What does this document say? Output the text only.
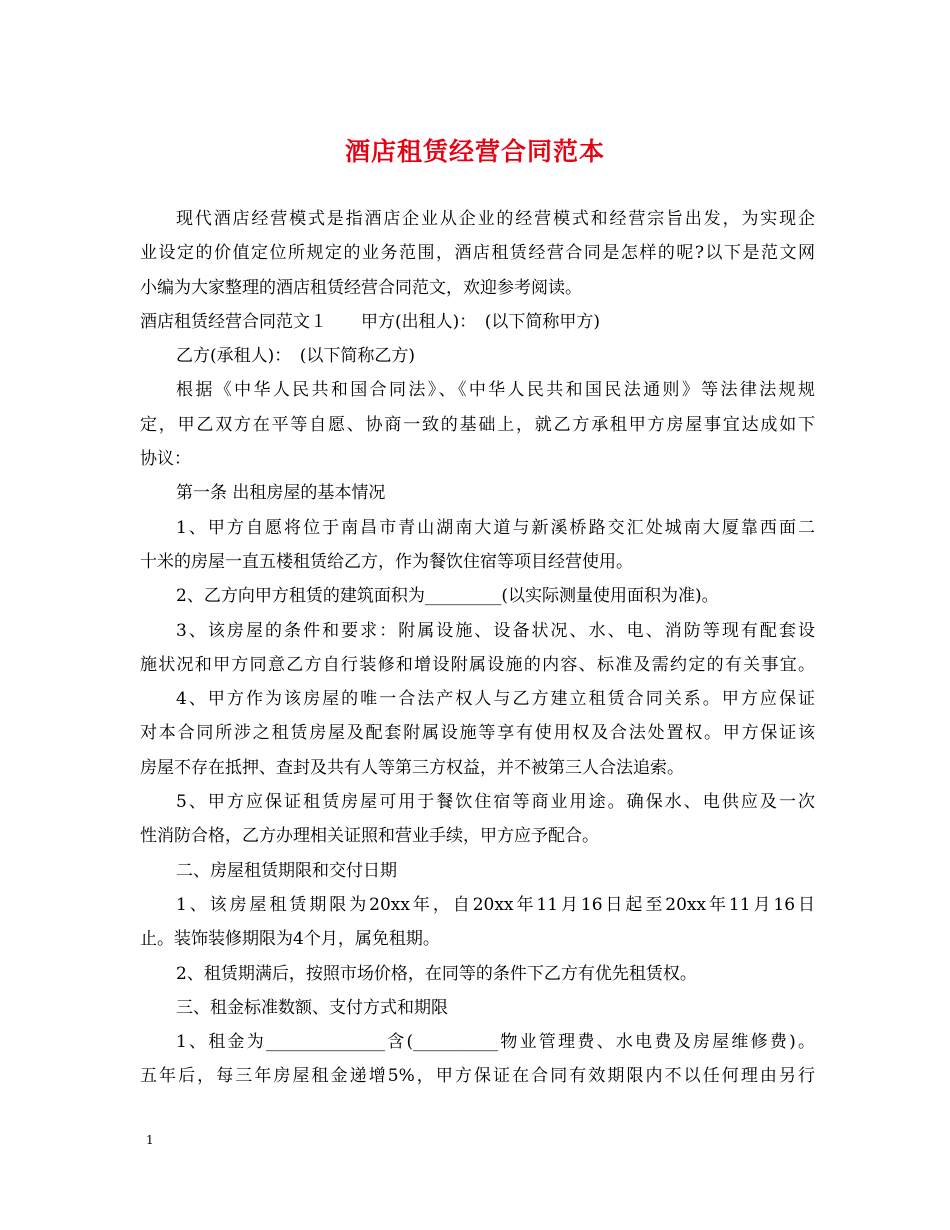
酒店租赁经营合同范本

现代酒店经营模式是指酒店企业从企业的经营模式和经营宗旨出发，为实现企

业设定的价值定位所规定的业务范围，酒店租赁经营合同是怎样的呢?以下是范文网

小编为大家整理的酒店租赁经营合同范文，欢迎参考阅读。

酒店租赁经营合同范文１　　甲方(出租人)：　(以下简称甲方)

乙方(承租人)：　(以下简称乙方)

根据《中华人民共和国合同法》、《中华人民共和国民法通则》等法律法规规

定，甲乙双方在平等自愿、协商一致的基础上，就乙方承租甲方房屋事宜达成如下

协议：

第一条 出租房屋的基本情况

1、甲方自愿将位于南昌市青山湖南大道与新溪桥路交汇处城南大厦靠西面二

十米的房屋一直五楼租赁给乙方，作为餐饮住宿等项目经营使用。

2、乙方向甲方租赁的建筑面积为_________(以实际测量使用面积为准)。

3、该房屋的条件和要求：附属设施、设备状况、水、电、消防等现有配套设

施状况和甲方同意乙方自行装修和增设附属设施的内容、标准及需约定的有关事宜。

4、甲方作为该房屋的唯一合法产权人与乙方建立租赁合同关系。甲方应保证

对本合同所涉之租赁房屋及配套附属设施等享有使用权及合法处置权。甲方保证该

房屋不存在抵押、查封及共有人等第三方权益，并不被第三人合法追索。

5、甲方应保证租赁房屋可用于餐饮住宿等商业用途。确保水、电供应及一次

性消防合格，乙方办理相关证照和营业手续，甲方应予配合。

二、房屋租赁期限和交付日期

1、该房屋租赁期限为20xx年，自20xx年11月16日起至20xx年11月16日

止。装饰装修期限为4个月，属免租期。

2、租赁期满后，按照市场价格，在同等的条件下乙方有优先租赁权。

三、租金标准数额、支付方式和期限

1、租金为______________含(__________物业管理费、水电费及房屋维修费)。

五年后，每三年房屋租金递增5%，甲方保证在合同有效期限内不以任何理由另行

1
